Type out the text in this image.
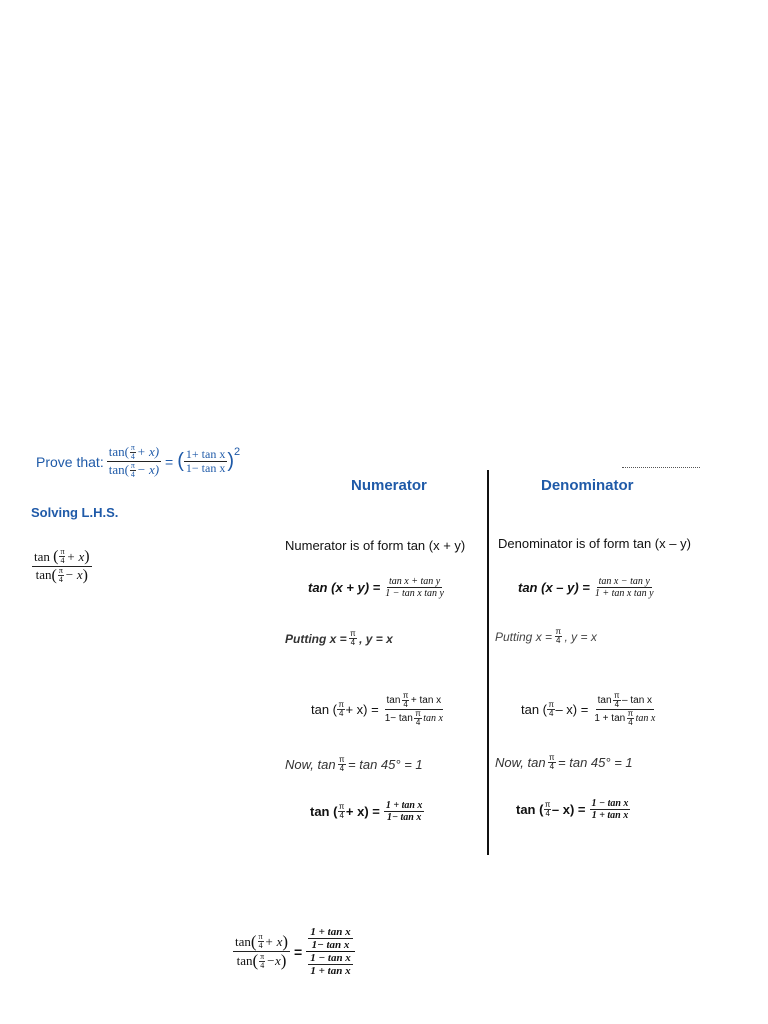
Prove that: $\frac{\tan( \frac{\pi}{4} + x)}{\tan( \frac{\pi}{4} - x)}$ = ( $\frac{\text{1+ tan x}}{\text{1− tan x}}$ ) 2
Solving L.H.S.
tan
( $\frac{\pi}{4} + x$ )
tan ( $\frac{\pi}{4} - x$ )
Numerator	Denominator
Numerator is of form tan (x + y)
$\tan (x + y) = \frac{\text{tan x + tan y}}{\text{1 − tan x tan y}}$
Putting $x = \frac{\pi}{4}$ , y = x
tan ( $\frac{\pi}{4} + x) = \frac{\tan \frac{\pi}{4} + \tan x}{1- \tan \frac{\pi}{4} \tan x}$
Now, $\tan \frac{\pi}{4} = \tan 45^\circ = 1$
tan ( $\frac{\pi}{4} + x) = \frac{\text{1 + tan x}}{\text{1− tan x}}$
Denominator is of form tan (x – y)
$\tan (x - y) = \frac{\text{tan x − tan y}}{\text{1 + tan x tan y}}$
Putting $x = \frac{\pi}{4}$ , y = x
tan ( $\frac{\pi}{4} - x) = \frac{\tan \frac{\pi}{4} - \tan x}{1 + \tan \frac{\pi}{4} \tan x}$
Now, $\tan \frac{\pi}{4} = \tan 45^\circ = 1$
tan ( $\frac{\pi}{4} - x) = \frac{\text{1 − tan x}}{\text{1 + tan x}}$
$\frac{\tan ( \frac{\pi}{4} + x )}{\tan ( \frac{\pi}{4} -x )} = \frac{\frac{\text{1 + tan x}}{\text{1− tan x}}}{\frac{\text{1 − tan x}}{\text{1 + tan x}}}$
